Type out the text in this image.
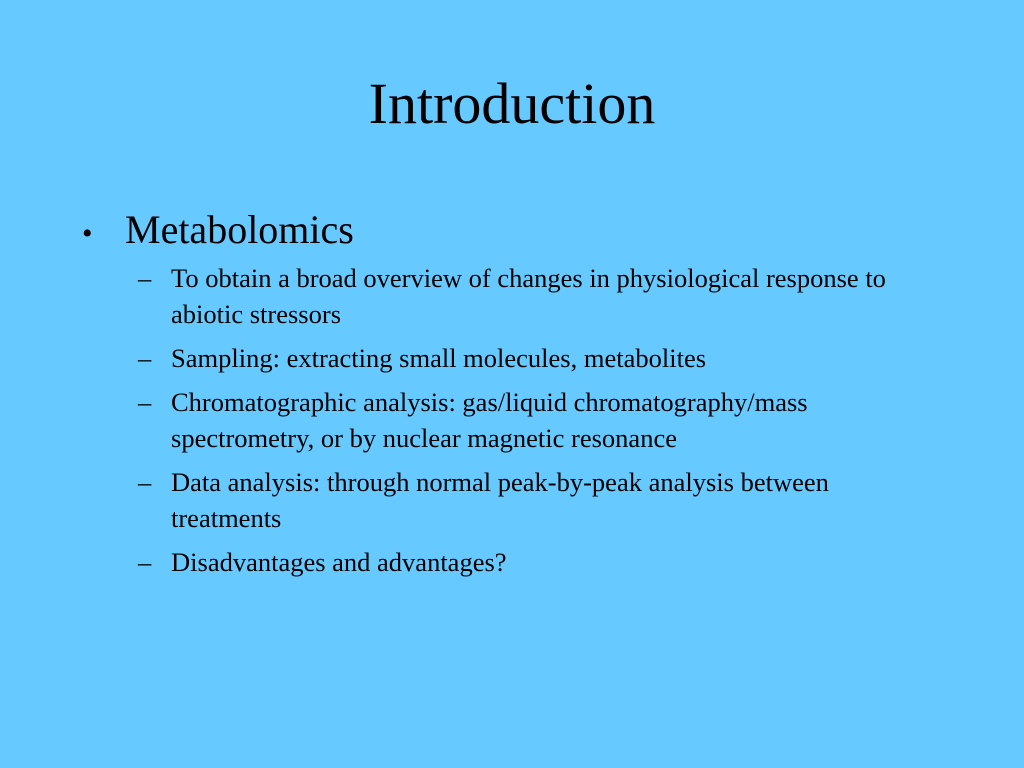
Introduction
• Metabolomics
– To obtain a broad overview of changes in physiological response to abiotic stressors
– Sampling: extracting small molecules, metabolites
– Chromatographic analysis: gas/liquid chromatography/mass spectrometry, or by nuclear magnetic resonance
– Data analysis: through normal peak-by-peak analysis between treatments
– Disadvantages and advantages?
